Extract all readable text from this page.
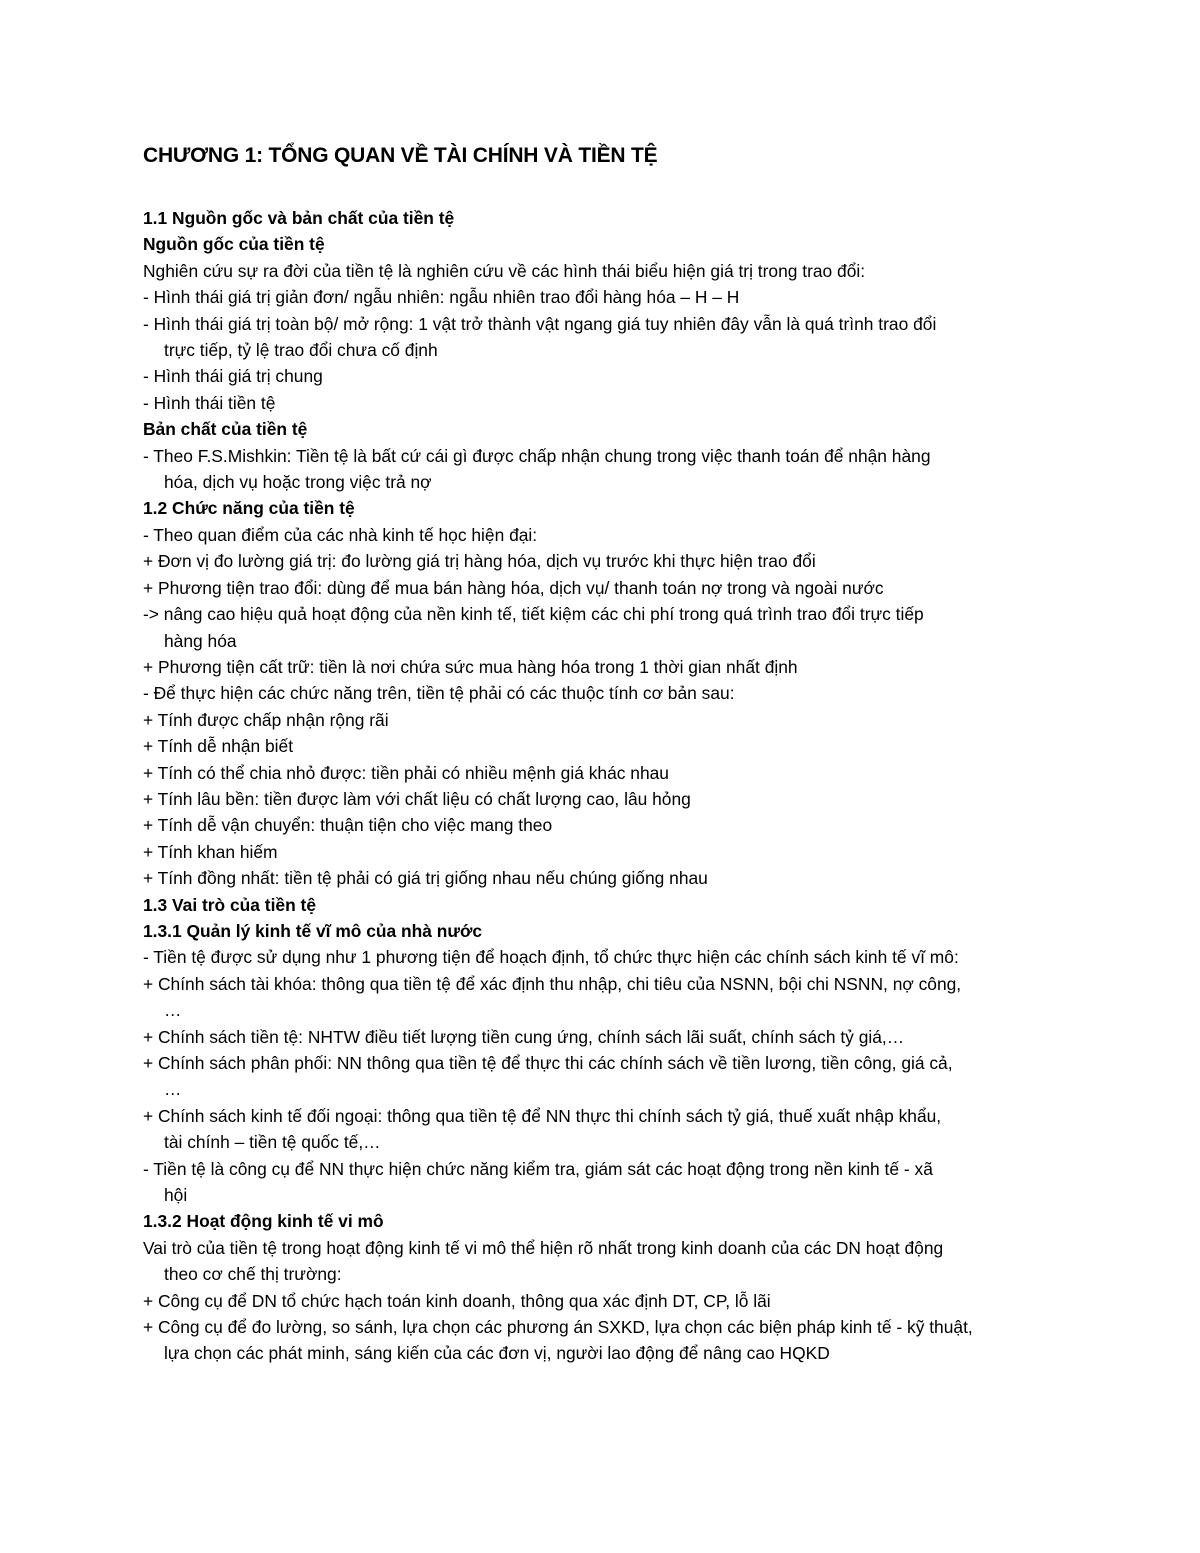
CHƯƠNG 1: TỔNG QUAN VỀ TÀI CHÍNH VÀ TIỀN TỆ
1.1 Nguồn gốc và bản chất của tiền tệ
Nguồn gốc của tiền tệ
Nghiên cứu sự ra đời của tiền tệ là nghiên cứu về các hình thái biểu hiện giá trị trong trao đổi:
- Hình thái giá trị giản đơn/ ngẫu nhiên: ngẫu nhiên trao đổi hàng hóa – H – H
- Hình thái giá trị toàn bộ/ mở rộng: 1 vật trở thành vật ngang giá tuy nhiên đây vẫn là quá trình trao đổi
trực tiếp, tỷ lệ trao đổi chưa cố định
- Hình thái giá trị chung
- Hình thái tiền tệ
Bản chất của tiền tệ
- Theo F.S.Mishkin: Tiền tệ là bất cứ cái gì được chấp nhận chung trong việc thanh toán để nhận hàng
hóa, dịch vụ hoặc trong việc trả nợ
1.2 Chức năng của tiền tệ
- Theo quan điểm của các nhà kinh tế học hiện đại:
+ Đơn vị đo lường giá trị: đo lường giá trị hàng hóa, dịch vụ trước khi thực hiện trao đổi
+ Phương tiện trao đổi: dùng để mua bán hàng hóa, dịch vụ/ thanh toán nợ trong và ngoài nước
-> nâng cao hiệu quả hoạt động của nền kinh tế, tiết kiệm các chi phí trong quá trình trao đổi trực tiếp
hàng hóa
+ Phương tiện cất trữ: tiền là nơi chứa sức mua hàng hóa trong 1 thời gian nhất định
- Để thực hiện các chức năng trên, tiền tệ phải có các thuộc tính cơ bản sau:
+ Tính được chấp nhận rộng rãi
+ Tính dễ nhận biết
+ Tính có thể chia nhỏ được: tiền phải có nhiều mệnh giá khác nhau
+ Tính lâu bền: tiền được làm với chất liệu có chất lượng cao, lâu hỏng
+ Tính dễ vận chuyển: thuận tiện cho việc mang theo
+ Tính khan hiếm
+ Tính đồng nhất: tiền tệ phải có giá trị giống nhau nếu chúng giống nhau
1.3 Vai trò của tiền tệ
1.3.1 Quản lý kinh tế vĩ mô của nhà nước
- Tiền tệ được sử dụng như 1 phương tiện để hoạch định, tổ chức thực hiện các chính sách kinh tế vĩ mô:
+ Chính sách tài khóa: thông qua tiền tệ để xác định thu nhập, chi tiêu của NSNN, bội chi NSNN, nợ công,
…
+ Chính sách tiền tệ: NHTW điều tiết lượng tiền cung ứng, chính sách lãi suất, chính sách tỷ giá,…
+ Chính sách phân phối: NN thông qua tiền tệ để thực thi các chính sách về tiền lương, tiền công, giá cả,
…
+ Chính sách kinh tế đối ngoại: thông qua tiền tệ để NN thực thi chính sách tỷ giá, thuế xuất nhập khẩu,
tài chính – tiền tệ quốc tế,…
- Tiền tệ là công cụ để NN thực hiện chức năng kiểm tra, giám sát các hoạt động trong nền kinh tế - xã
hội
1.3.2 Hoạt động kinh tế vi mô
Vai trò của tiền tệ trong hoạt động kinh tế vi mô thể hiện rõ nhất trong kinh doanh của các DN hoạt động
theo cơ chế thị trường:
+ Công cụ để DN tổ chức hạch toán kinh doanh, thông qua xác định DT, CP, lỗ lãi
+ Công cụ để đo lường, so sánh, lựa chọn các phương án SXKD, lựa chọn các biện pháp kinh tế - kỹ thuật,
lựa chọn các phát minh, sáng kiến của các đơn vị, người lao động để nâng cao HQKD
